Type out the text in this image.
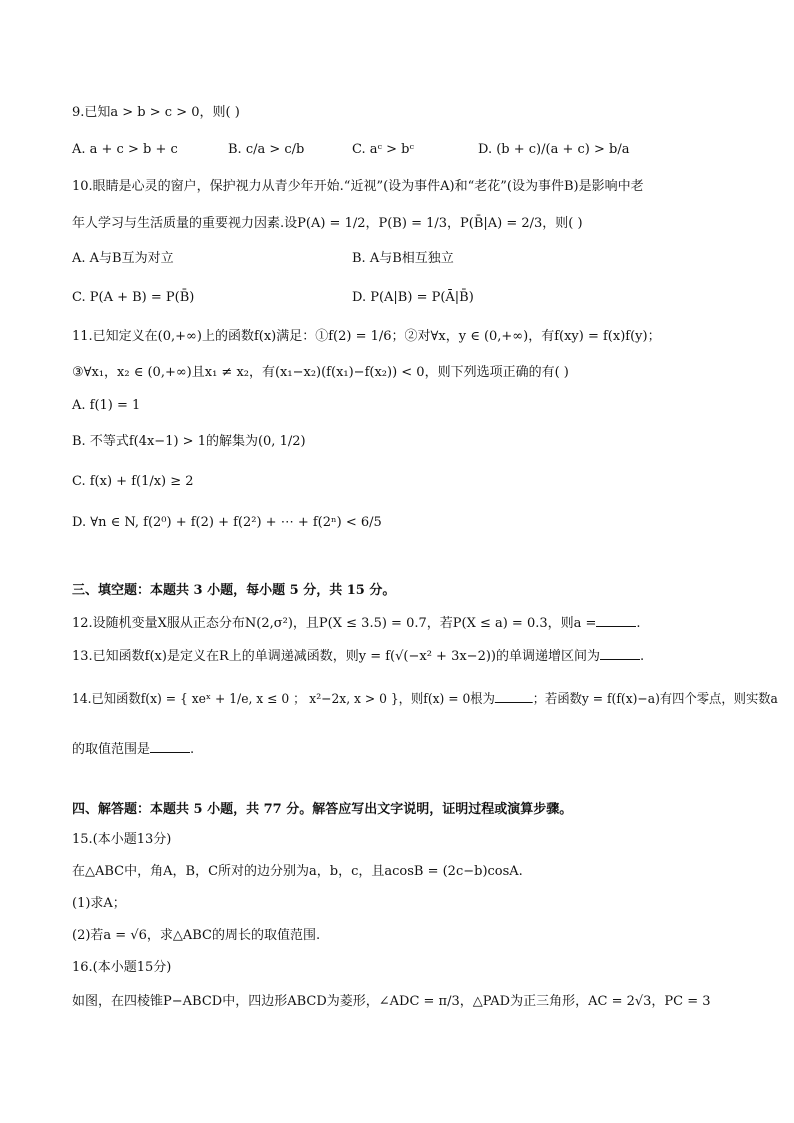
9.已知a > b > c > 0，则( )
A. a + c > b + c	B. c/a > c/b	C. aᶜ > bᶜ	D. (b + c)/(a + c) > b/a
10.眼睛是心灵的窗户，保护视力从青少年开始.“近视”(设为事件A)和“老花”(设为事件B)是影响中老
年人学习与生活质量的重要视力因素.设P(A) = 1/2，P(B) = 1/3，P(B̄|A) = 2/3，则( )
A. A与B互为对立	B. A与B相互独立
C. P(A + B) = P(B̄)	D. P(A|B) = P(Ā|B̄)
11.已知定义在(0,+∞)上的函数f(x)满足：①f(2) = 1/6；②对∀x，y ∈ (0,+∞)，有f(xy) = f(x)f(y)；
③∀x₁，x₂ ∈ (0,+∞)且x₁ ≠ x₂，有(x₁−x₂)(f(x₁)−f(x₂)) < 0，则下列选项正确的有( )
A. f(1) = 1
B. 不等式f(4x−1) > 1的解集为(0, 1/2)
C. f(x) + f(1/x) ≥ 2
D. ∀n ∈ N, f(2⁰) + f(2) + f(2²) + ⋯ + f(2ⁿ) < 6/5
三、填空题：本题共 3 小题，每小题 5 分，共 15 分。
12.设随机变量X服从正态分布N(2,σ²)，且P(X ≤ 3.5) = 0.7，若P(X ≤ a) = 0.3，则a =	.
13.已知函数f(x)是定义在R上的单调递减函数，则y = f(√(−x² + 3x−2))的单调递增区间为	.
14.已知函数f(x) = { xeˣ + 1/e, x ≤ 0 ； x²−2x, x > 0 }，则f(x) = 0根为	；若函数y = f(f(x)−a)有四个零点，则实数a
的取值范围是	.
四、解答题：本题共 5 小题，共 77 分。解答应写出文字说明，证明过程或演算步骤。
15.(本小题13分)
在△ABC中，角A，B，C所对的边分别为a，b，c，且acosB = (2c−b)cosA.
(1)求A；
(2)若a = √6，求△ABC的周长的取值范围.
16.(本小题15分)
如图，在四棱锥P−ABCD中，四边形ABCD为菱形，∠ADC = π/3，△PAD为正三角形，AC = 2√3，PC = 3
